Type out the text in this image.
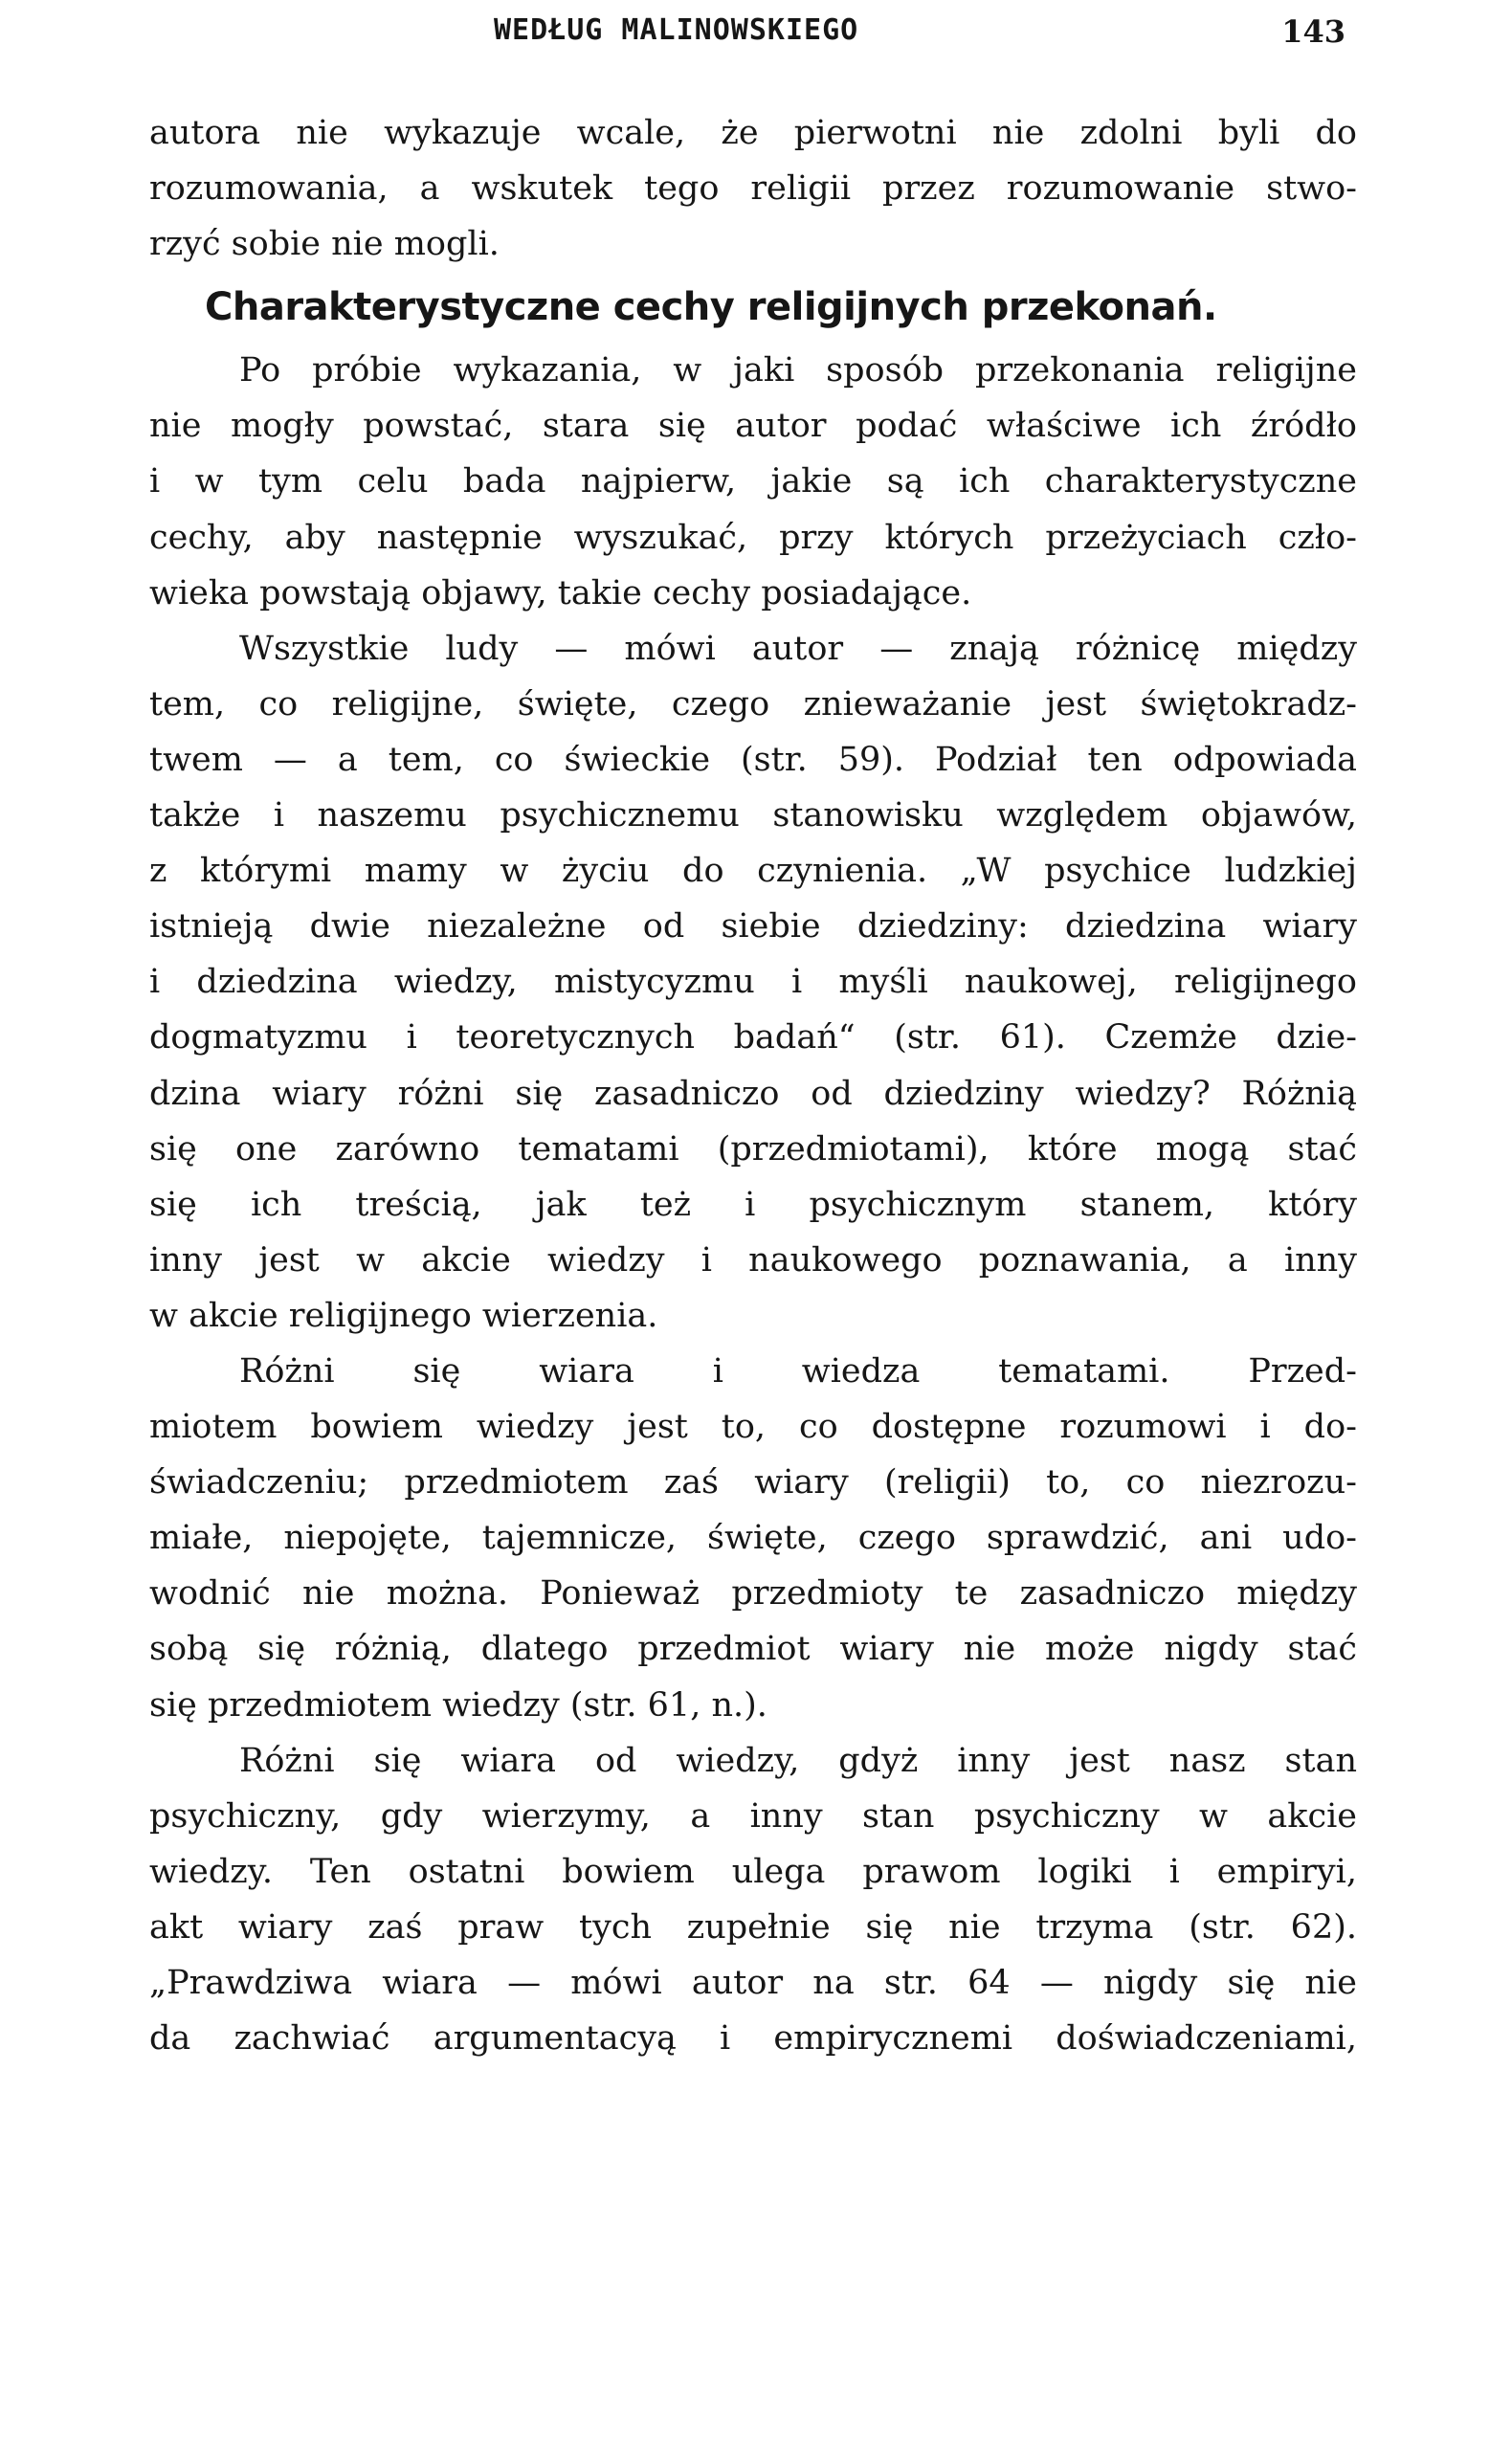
WEDŁUG MALINOWSKIEGO	143
autora nie wykazuje wcale, że pierwotni nie zdolni byli do
rozumowania, a wskutek tego religii przez rozumowanie stwo-
rzyć sobie nie mogli.
Charakterystyczne cechy religijnych przekonań.
Po próbie wykazania, w jaki sposób przekonania religijne
nie mogły powstać, stara się autor podać właściwe ich źródło
i w tym celu bada najpierw, jakie są ich charakterystyczne
cechy, aby następnie wyszukać, przy których przeżyciach czło-
wieka powstają objawy, takie cechy posiadające.
Wszystkie ludy — mówi autor — znają różnicę między
tem, co religijne, święte, czego znieważanie jest świętokradz-
twem — a tem, co świeckie (str. 59). Podział ten odpowiada
także i naszemu psychicznemu stanowisku względem objawów,
z którymi mamy w życiu do czynienia. „W psychice ludzkiej
istnieją dwie niezależne od siebie dziedziny: dziedzina wiary
i dziedzina wiedzy, mistycyzmu i myśli naukowej, religijnego
dogmatyzmu i teoretycznych badań“ (str. 61). Czemże dzie-
dzina wiary różni się zasadniczo od dziedziny wiedzy? Różnią
się one zarówno tematami (przedmiotami), które mogą stać
się ich treścią, jak też i psychicznym stanem, który
inny jest w akcie wiedzy i naukowego poznawania, a inny
w akcie religijnego wierzenia.
Różni się wiara i wiedza tematami. Przed-
miotem bowiem wiedzy jest to, co dostępne rozumowi i do-
świadczeniu; przedmiotem zaś wiary (religii) to, co niezrozu-
miałe, niepojęte, tajemnicze, święte, czego sprawdzić, ani udo-
wodnić nie można. Ponieważ przedmioty te zasadniczo między
sobą się różnią, dlatego przedmiot wiary nie może nigdy stać
się przedmiotem wiedzy (str. 61, n.).
Różni się wiara od wiedzy, gdyż inny jest nasz stan
psychiczny, gdy wierzymy, a inny stan psychiczny w akcie
wiedzy. Ten ostatni bowiem ulega prawom logiki i empiryi,
akt wiary zaś praw tych zupełnie się nie trzyma (str. 62).
„Prawdziwa wiara — mówi autor na str. 64 — nigdy się nie
da zachwiać argumentacyą i empirycznemi doświadczeniami,
